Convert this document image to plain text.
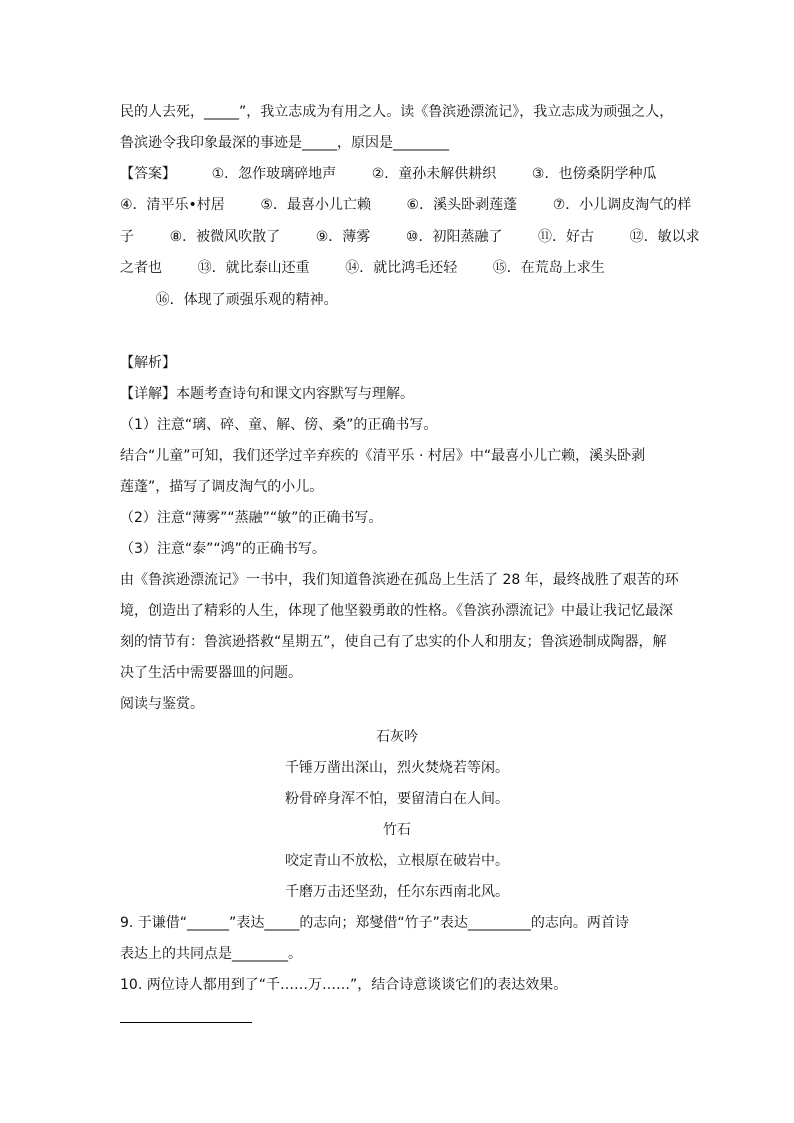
民的人去死，_____”，我立志成为有用之人。读《鲁滨逊漂流记》，我立志成为顽强之人，
鲁滨逊令我印象最深的事迹是_____，原因是________
【答案】        ①．忽作玻璃碎地声        ②．童孙未解供耕织        ③．也傍桑阴学种瓜
④．清平乐•村居        ⑤．最喜小儿亡赖        ⑥．溪头卧剥莲蓬        ⑦．小儿调皮淘气的样
子        ⑧．被微风吹散了        ⑨．薄雾        ⑩．初阳蒸融了        ⑪．好古        ⑫．敏以求
之者也        ⑬．就比泰山还重        ⑭．就比鸿毛还轻        ⑮．在荒岛上求生
⑯．体现了顽强乐观的精神。
【解析】
【详解】本题考查诗句和课文内容默写与理解。
（1）注意“璃、碎、童、解、傍、桑”的正确书写。
结合“儿童”可知，我们还学过辛弃疾的《清平乐 · 村居》中“最喜小儿亡赖，溪头卧剥
莲蓬”，描写了调皮淘气的小儿。
（2）注意“薄雾”“蒸融”“敏”的正确书写。
（3）注意“泰”“鸿”的正确书写。
由《鲁滨逊漂流记》一书中，我们知道鲁滨逊在孤岛上生活了 28 年，最终战胜了艰苦的环
境，创造出了精彩的人生，体现了他坚毅勇敢的性格。《鲁滨孙漂流记》中最让我记忆最深
刻的情节有：鲁滨逊搭救“星期五”，使自己有了忠实的仆人和朋友；鲁滨逊制成陶器，解
决了生活中需要器皿的问题。
阅读与鉴赏。
石灰吟
千锤万凿出深山，烈火焚烧若等闲。
粉骨碎身浑不怕，要留清白在人间。
竹石
咬定青山不放松，立根原在破岩中。
千磨万击还坚劲，任尔东西南北风。
9. 于谦借“______”表达_____的志向；郑燮借“竹子”表达_________的志向。两首诗
表达上的共同点是________。
10. 两位诗人都用到了“千……万……”，结合诗意谈谈它们的表达效果。
